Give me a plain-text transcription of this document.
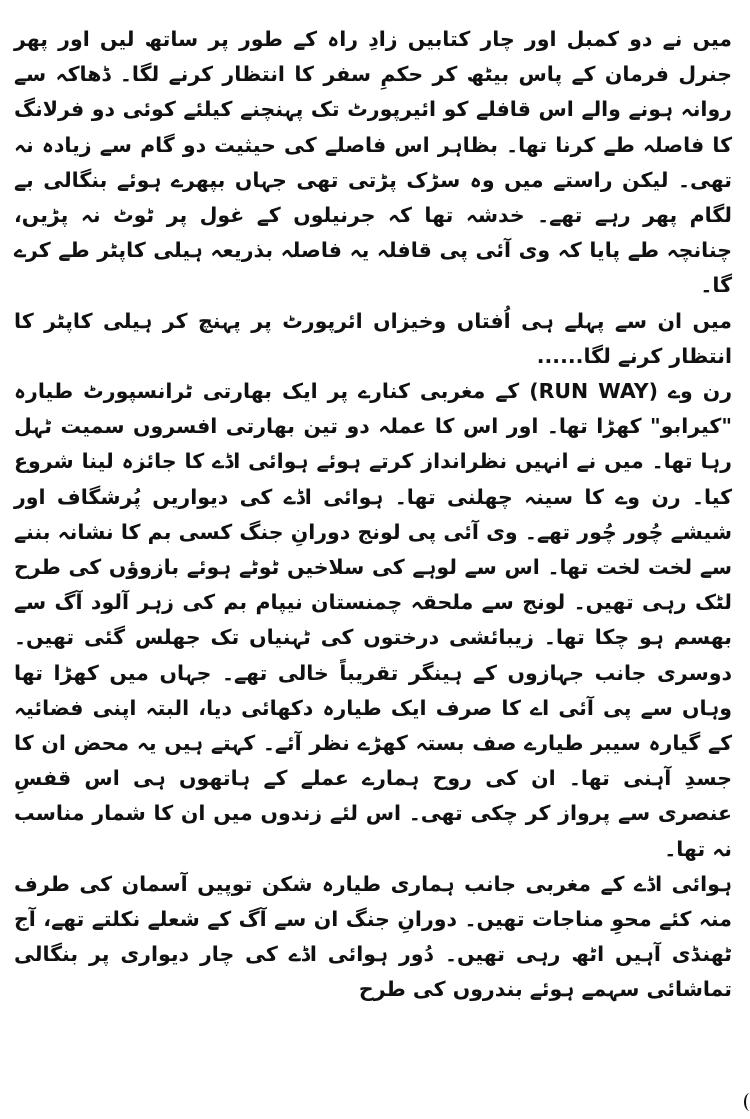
میں نے دو کمبل اور چار کتابیں زادِ راہ کے طور پر ساتھ لیں اور پھر جنرل فرمان کے پاس بیٹھ کر حکمِ سفر کا انتظار کرنے لگا۔ ڈھاکہ سے روانہ ہونے والے اس قافلے کو ائیرپورٹ تک پہنچنے کیلئے کوئی دو فرلانگ کا فاصلہ طے کرنا تھا۔ بظاہر اس فاصلے کی حیثیت دو گام سے زیادہ نہ تھی۔ لیکن راستے میں وہ سڑک پڑتی تھی جہاں بپھرے ہوئے بنگالی بے لگام پھر رہے تھے۔ خدشہ تھا کہ جرنیلوں کے غول پر ٹوٹ نہ پڑیں، چنانچہ طے پایا کہ وی آئی پی قافلہ یہ فاصلہ بذریعہ ہیلی کاپٹر طے کرے گا۔

میں ان سے پہلے ہی اُفتاں وخیزاں ائرپورٹ پر پہنچ کر ہیلی کاپٹر کا انتظار کرنے لگا......

رن وے (RUN WAY) کے مغربی کنارے پر ایک بھارتی ٹرانسپورٹ طیارہ "کیرابو" کھڑا تھا۔ اور اس کا عملہ دو تین بھارتی افسروں سمیت ٹہل رہا تھا۔ میں نے انہیں نظرانداز کرتے ہوئے ہوائی اڈے کا جائزہ لینا شروع کیا۔ رن وے کا سینہ چھلنی تھا۔ ہوائی اڈے کی دیواریں پُرشگاف اور شیشے چُور چُور تھے۔ وی آئی پی لونج دورانِ جنگ کسی بم کا نشانہ بننے سے لخت لخت تھا۔ اس سے لوہے کی سلاخیں ٹوٹے ہوئے بازوؤں کی طرح لٹک رہی تھیں۔ لونج سے ملحقہ چمنستان نیپام بم کی زہر آلود آگ سے بھسم ہو چکا تھا۔ زیبائشی درختوں کی ٹہنیاں تک جھلس گئی تھیں۔ دوسری جانب جہازوں کے ہینگر تقریباً خالی تھے۔ جہاں میں کھڑا تھا وہاں سے پی آئی اے کا صرف ایک طیارہ دکھائی دیا، البتہ اپنی فضائیہ کے گیارہ سیبر طیارے صف بستہ کھڑے نظر آئے۔ کہتے ہیں یہ محض ان کا جسدِ آہنی تھا۔ ان کی روح ہمارے عملے کے ہاتھوں ہی اس قفسِ عنصری سے پرواز کر چکی تھی۔ اس لئے زندوں میں ان کا شمار مناسب نہ تھا۔

ہوائی اڈے کے مغربی جانب ہماری طیارہ شکن توپیں آسمان کی طرف منہ کئے محوِ مناجات تھیں۔ دورانِ جنگ ان سے آگ کے شعلے نکلتے تھے، آج ٹھنڈی آہیں اٹھ رہی تھیں۔ دُور ہوائی اڈے کی چار دیواری پر بنگالی تماشائی سہمے ہوئے بندروں کی طرح
